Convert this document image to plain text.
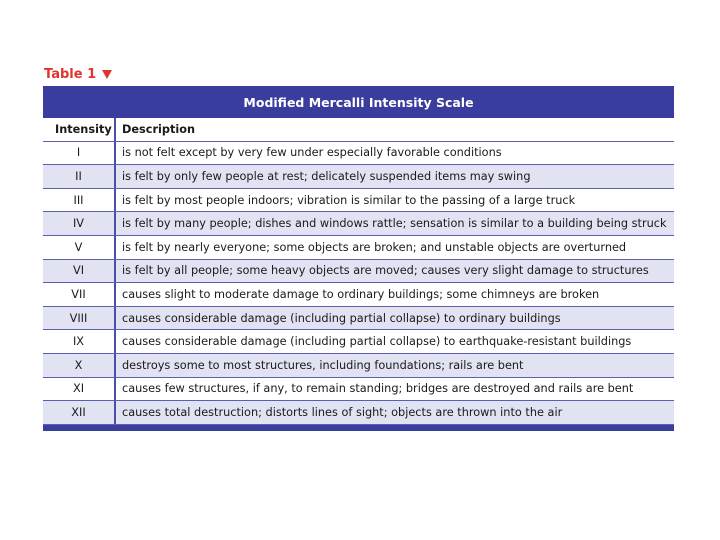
Table 1
Modified Mercalli Intensity Scale
Intensity Description
I	is not felt except by very few under especially favorable conditions
II	is felt by only few people at rest; delicately suspended items may swing
III	is felt by most people indoors; vibration is similar to the passing of a large truck
IV	is felt by many people; dishes and windows rattle; sensation is similar to a building being struck
V	is felt by nearly everyone; some objects are broken; and unstable objects are overturned
VI	is felt by all people; some heavy objects are moved; causes very slight damage to structures
VII	causes slight to moderate damage to ordinary buildings; some chimneys are broken
VIII	causes considerable damage (including partial collapse) to ordinary buildings
IX	causes considerable damage (including partial collapse) to earthquake-resistant buildings
X	destroys some to most structures, including foundations; rails are bent
XI	causes few structures, if any, to remain standing; bridges are destroyed and rails are bent
XII	causes total destruction; distorts lines of sight; objects are thrown into the air
